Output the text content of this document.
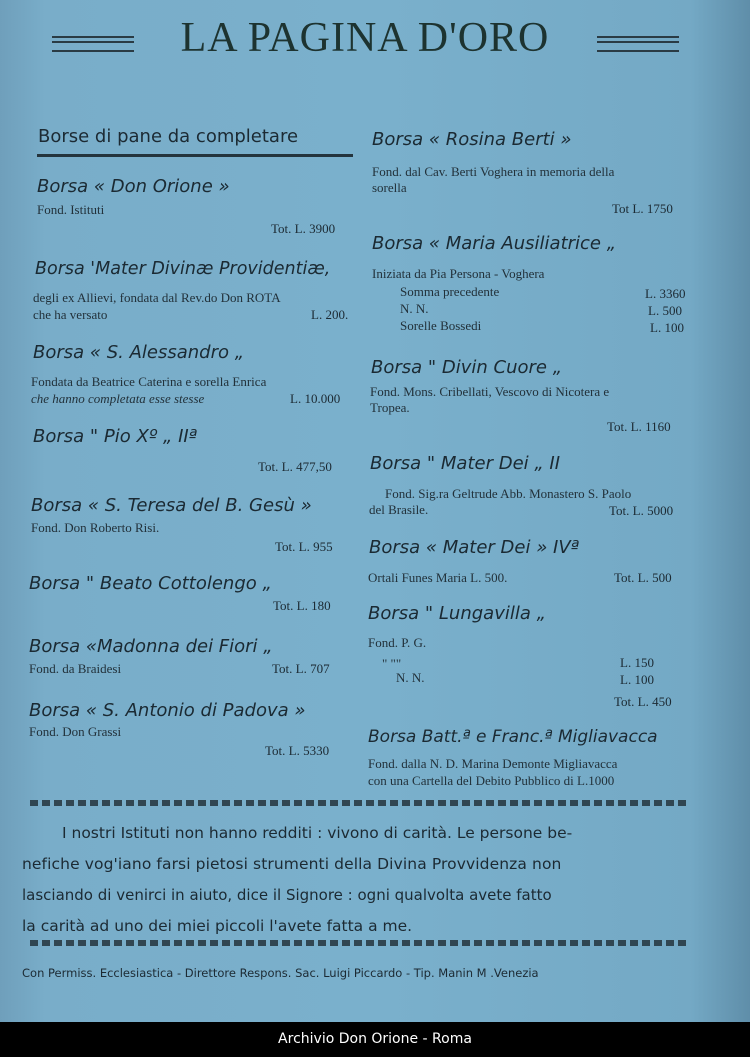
LA PAGINA D'ORO
Borse di pane da completare
Borsa « Don Orione »
Fond. Istituti
Tot. L. 3900
Borsa 'Mater Divinæ Providentiæ,
degli ex Allievi, fondata dal Rev.do Don ROTA
che ha versato	L. 200.
Borsa « S. Alessandro „
Fondata da Beatrice Caterina e sorella Enrica
che hanno completata esse stesse	L. 10.000
Borsa " Pio Xº „ IIª
Tot. L. 477,50
Borsa « S. Teresa del B. Gesù »
Fond. Don Roberto Risi.
Tot. L. 955
Borsa " Beato Cottolengo „
Tot. L. 180
Borsa «Madonna dei Fiori „
Fond. da Braidesi	Tot. L. 707
Borsa « S. Antonio di Padova »
Fond. Don Grassi
Tot. L. 5330
Borsa « Rosina Berti »
Fond. dal Cav. Berti Voghera in memoria della
sorella
Tot L. 1750
Borsa « Maria Ausiliatrice „
Iniziata da Pia Persona - Voghera
Somma precedente	L. 3360
N. N.	L. 500
Sorelle Bossedi	L. 100
Borsa " Divin Cuore „
Fond. Mons. Cribellati, Vescovo di Nicotera e
Tropea.
Tot. L. 1160
Borsa " Mater Dei „ II
Fond. Sig.ra Geltrude Abb. Monastero S. Paolo
del Brasile.	Tot. L. 5000
Borsa « Mater Dei » IVª
Ortali Funes Maria L. 500.	Tot. L. 500
Borsa " Lungavilla „
Fond. P. G.
" ""	L. 150
N. N.	L. 100
Tot. L. 450
Borsa Batt.ª e Franc.ª Migliavacca
Fond. dalla N. D. Marina Demonte Migliavacca
con una Cartella del Debito Pubblico di L.1000
I nostri Istituti non hanno redditi : vivono di carità. Le persone be-
nefiche vog'iano farsi pietosi strumenti della Divina Provvidenza non
lasciando di venirci in aiuto, dice il Signore : ogni qualvolta avete fatto
la carità ad uno dei miei piccoli l'avete fatta a me.
Con Permiss. Ecclesiastica - Direttore Respons. Sac. Luigi Piccardo - Tip. Manin M .Venezia
Archivio Don Orione - Roma
